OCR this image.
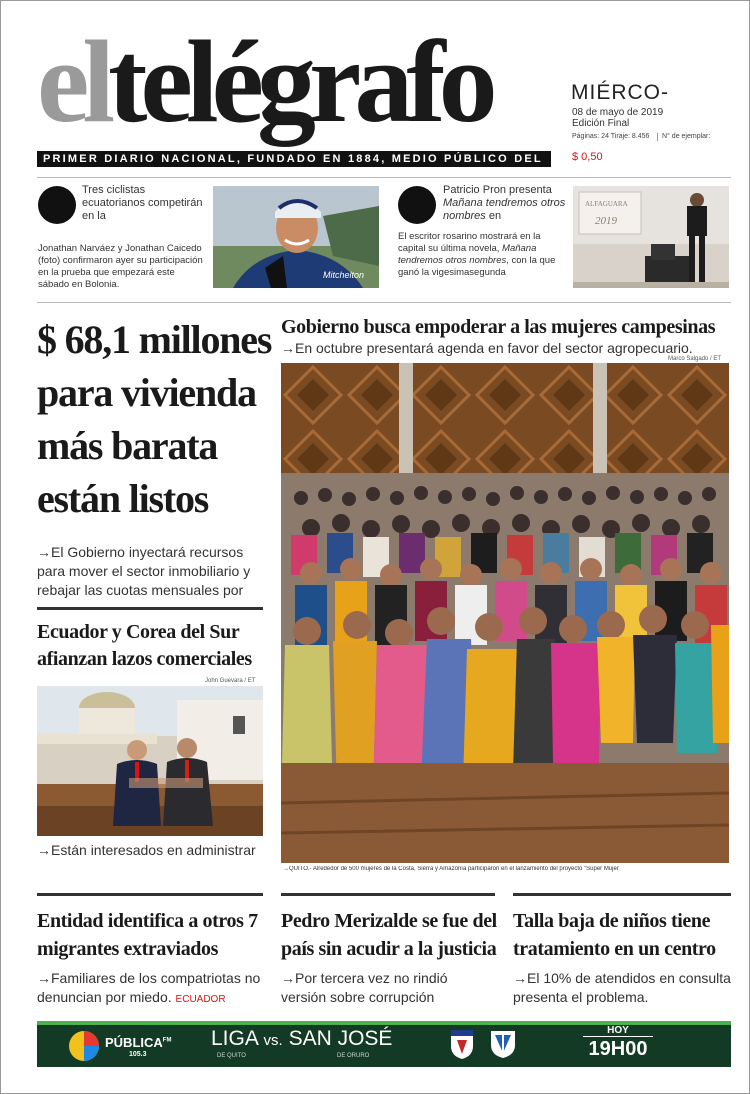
eltelégrafo
PRIMER DIARIO NACIONAL, FUNDADO EN 1884, MEDIO PÚBLICO DEL
MIÉRCO-
08 de mayo de 2019
Edición Final
Páginas: 24 Tiraje: 8.456	N° de ejemplar:
$ 0,50
Tres ciclistas ecuatorianos competirán en la
Jonathan Narváez y Jonathan Caicedo (foto) confirmaron ayer su participación en la prueba que empezará este sábado en Bolonia.
Mitchelton
Patricio Pron presenta Mañana tendremos otros nombres en
El escritor rosarino mostrará en la capital su última novela, Mañana tendremos otros nombres, con la que ganó la vigesimasegunda
ALFAGUARA
2019
$ 68,1 millones para vivienda más barata están listos
→El Gobierno inyectará recursos para mover el sector inmobiliario y rebajar las cuotas mensuales por
Ecuador y Corea del Sur afianzan lazos comerciales
John Guevara / ET
→Están interesados en administrar
Gobierno busca empoderar a las mujeres campesinas
→En octubre presentará agenda en favor del sector agropecuario.
Marco Salgado / ET
→QUITO.- Alrededor de 500 mujeres de la Costa, Sierra y Amazonía participaron en el lanzamiento del proyecto "Súper Mujer
Entidad identifica a otros 7 migrantes extraviados
→Familiares de los compatriotas no denuncian por miedo. ECUADOR
Pedro Merizalde se fue del país sin acudir a la justicia
→Por tercera vez no rindió versión sobre corrupción
Talla baja de niños tiene tratamiento en un centro
→El 10% de atendidos en consulta presenta el problema.
$PÚBLICA^{FM}$
105.3
LIGA vs. SAN JOSÉ
DE QUITO	DE ORURO
HOY
19H00
